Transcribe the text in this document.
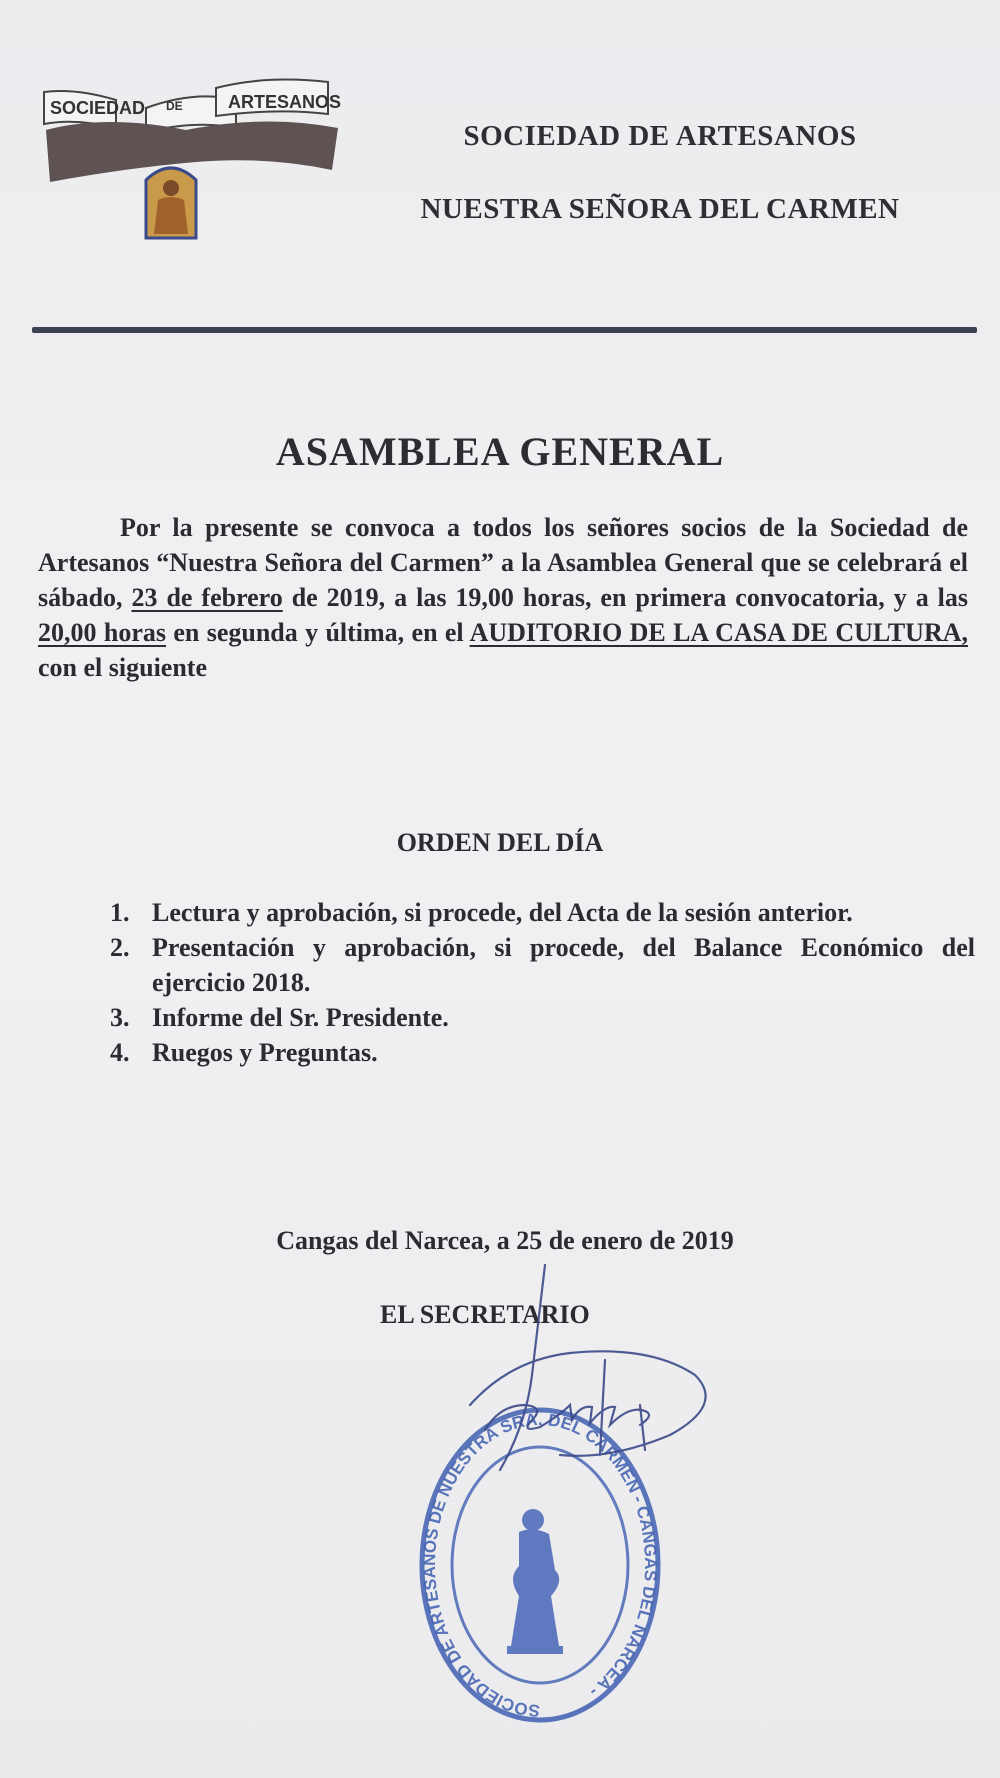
SOCIEDAD DE	ARTESANOS
SOCIEDAD DE ARTESANOS
NUESTRA SEÑORA DEL CARMEN
ASAMBLEA GENERAL

Por la presente se convoca a todos los señores socios de la Sociedad de Artesanos “Nuestra Señora del Carmen” a la Asamblea General que se celebrará el sábado, 23 de febrero de 2019, a las 19,00 horas, en primera convocatoria, y a las 20,00 horas en segunda y última, en el AUDITORIO DE LA CASA DE CULTURA, con el siguiente

ORDEN DEL DÍA
1. Lectura y aprobación, si procede, del Acta de la sesión anterior.
2. Presentación y aprobación, si procede, del Balance Económico del ejercicio 2018.
3. Informe del Sr. Presidente.
4. Ruegos y Preguntas.
Cangas del Narcea, a 25 de enero de 2019
EL SECRETARIO
SOCIEDAD DE ARTESANOS DE NUESTRA SRA. DEL CARMEN - CANGAS DEL NARCEA -
